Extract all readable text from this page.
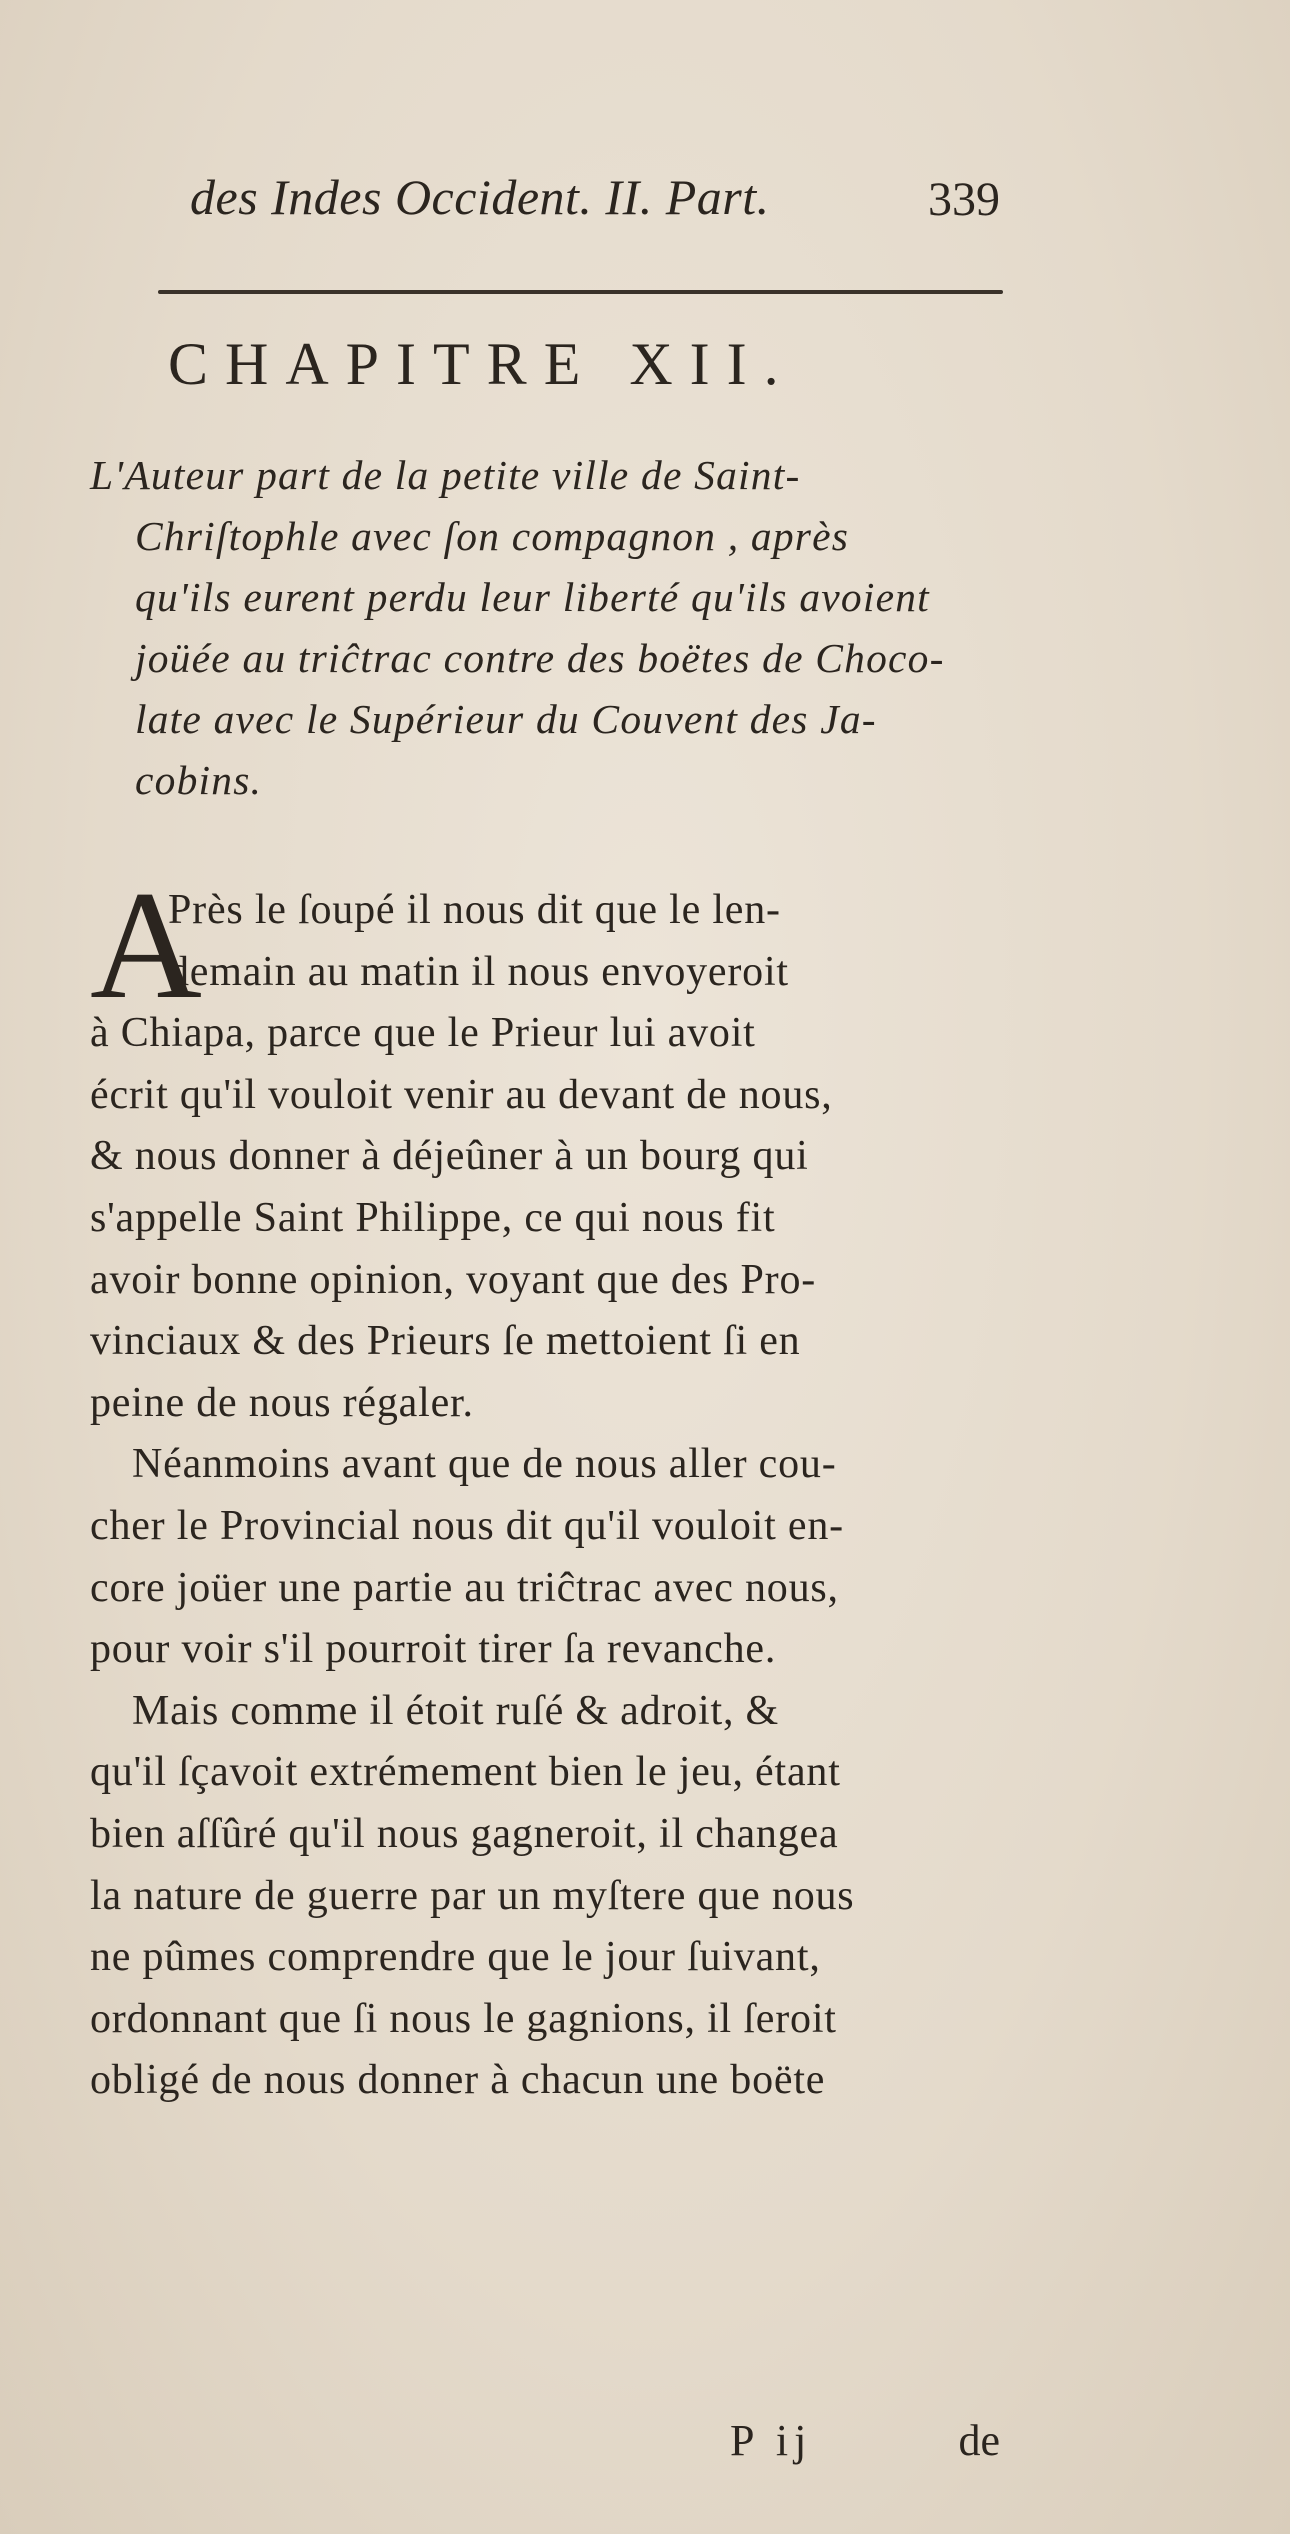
des Indes Occident. II. Part.	339
CHAPITRE XII.
L'Auteur part de la petite ville de Saint-
Chriſtophle avec ſon compagnon , après
qu'ils eurent perdu leur liberté qu'ils avoient
joüée au triĉtrac contre des boëtes de Choco-
late avec le Supérieur du Couvent des Ja-
cobins.
A
Près le ſoupé il nous dit que le len-
demain au matin il nous envoyeroit
à Chiapa, parce que le Prieur lui avoit
écrit qu'il vouloit venir au devant de nous,
& nous donner à déjeûner à un bourg qui
s'appelle Saint Philippe, ce qui nous fit
avoir bonne opinion, voyant que des Pro-
vinciaux & des Prieurs ſe mettoient ſi en
peine de nous régaler.
Néanmoins avant que de nous aller cou-
cher le Provincial nous dit qu'il vouloit en-
core joüer une partie au triĉtrac avec nous,
pour voir s'il pourroit tirer ſa revanche.
Mais comme il étoit ruſé & adroit, &
qu'il ſçavoit extrémement bien le jeu, étant
bien aſſûré qu'il nous gagneroit, il changea
la nature de guerre par un myſtere que nous
ne pûmes comprendre que le jour ſuivant,
ordonnant que ſi nous le gagnions, il ſeroit
obligé de nous donner à chacun une boëte
P ij	de
